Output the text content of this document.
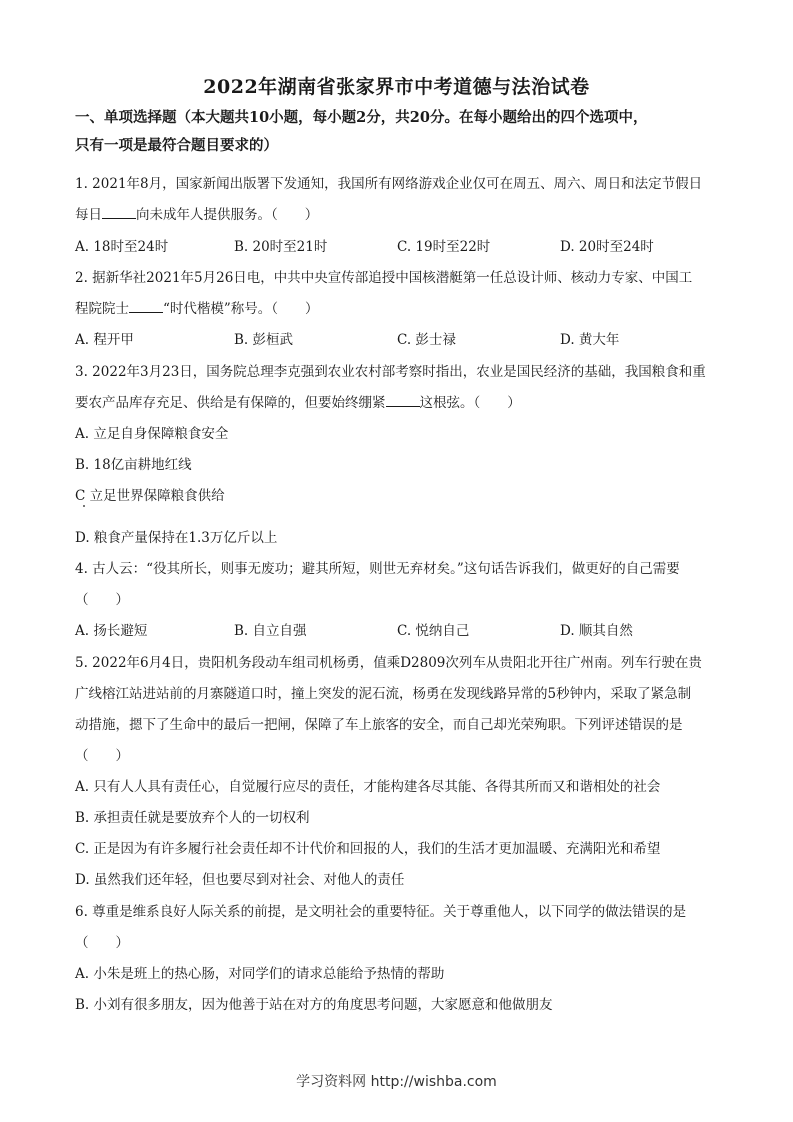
2022年湖南省张家界市中考道德与法治试卷
一、单项选择题（本大题共10小题，每小题2分，共20分。在每小题给出的四个选项中，
只有一项是最符合题目要求的）
1. 2021年8月，国家新闻出版署下发通知，我国所有网络游戏企业仅可在周五、周六、周日和法定节假日
每日	向未成年人提供服务。（　　）
A. 18时至24时	B. 20时至21时	C. 19时至22时	D. 20时至24时
2. 据新华社2021年5月26日电，中共中央宣传部追授中国核潜艇第一任总设计师、核动力专家、中国工
程院院士	“时代楷模”称号。（　　）
A. 程开甲	B. 彭桓武	C. 彭士禄	D. 黄大年
3. 2022年3月23日，国务院总理李克强到农业农村部考察时指出，农业是国民经济的基础，我国粮食和重
要农产品库存充足、供给是有保障的，但要始终绷紧	这根弦。（　　）
A. 立足自身保障粮食安全
B. 18亿亩耕地红线
C 立足世界保障粮食供给
D. 粮食产量保持在1.3万亿斤以上
4. 古人云：“役其所长，则事无废功；避其所短，则世无弃材矣。”这句话告诉我们，做更好的自己需要
（　　）
A. 扬长避短	B. 自立自强	C. 悦纳自己	D. 顺其自然
5. 2022年6月4日，贵阳机务段动车组司机杨勇，值乘D2809次列车从贵阳北开往广州南。列车行驶在贵
广线榕江站进站前的月寨隧道口时，撞上突发的泥石流，杨勇在发现线路异常的5秒钟内，采取了紧急制
动措施，摁下了生命中的最后一把闸，保障了车上旅客的安全，而自己却光荣殉职。下列评述错误的是
（　　）
A. 只有人人具有责任心，自觉履行应尽的责任，才能构建各尽其能、各得其所而又和谐相处的社会
B. 承担责任就是要放弃个人的一切权利
C. 正是因为有许多履行社会责任却不计代价和回报的人，我们的生活才更加温暖、充满阳光和希望
D. 虽然我们还年轻，但也要尽到对社会、对他人的责任
6. 尊重是维系良好人际关系的前提，是文明社会的重要特征。关于尊重他人，以下同学的做法错误的是
（　　）
A. 小朱是班上的热心肠，对同学们的请求总能给予热情的帮助
B. 小刘有很多朋友，因为他善于站在对方的角度思考问题，大家愿意和他做朋友
学习资料网 http://wishba.com
